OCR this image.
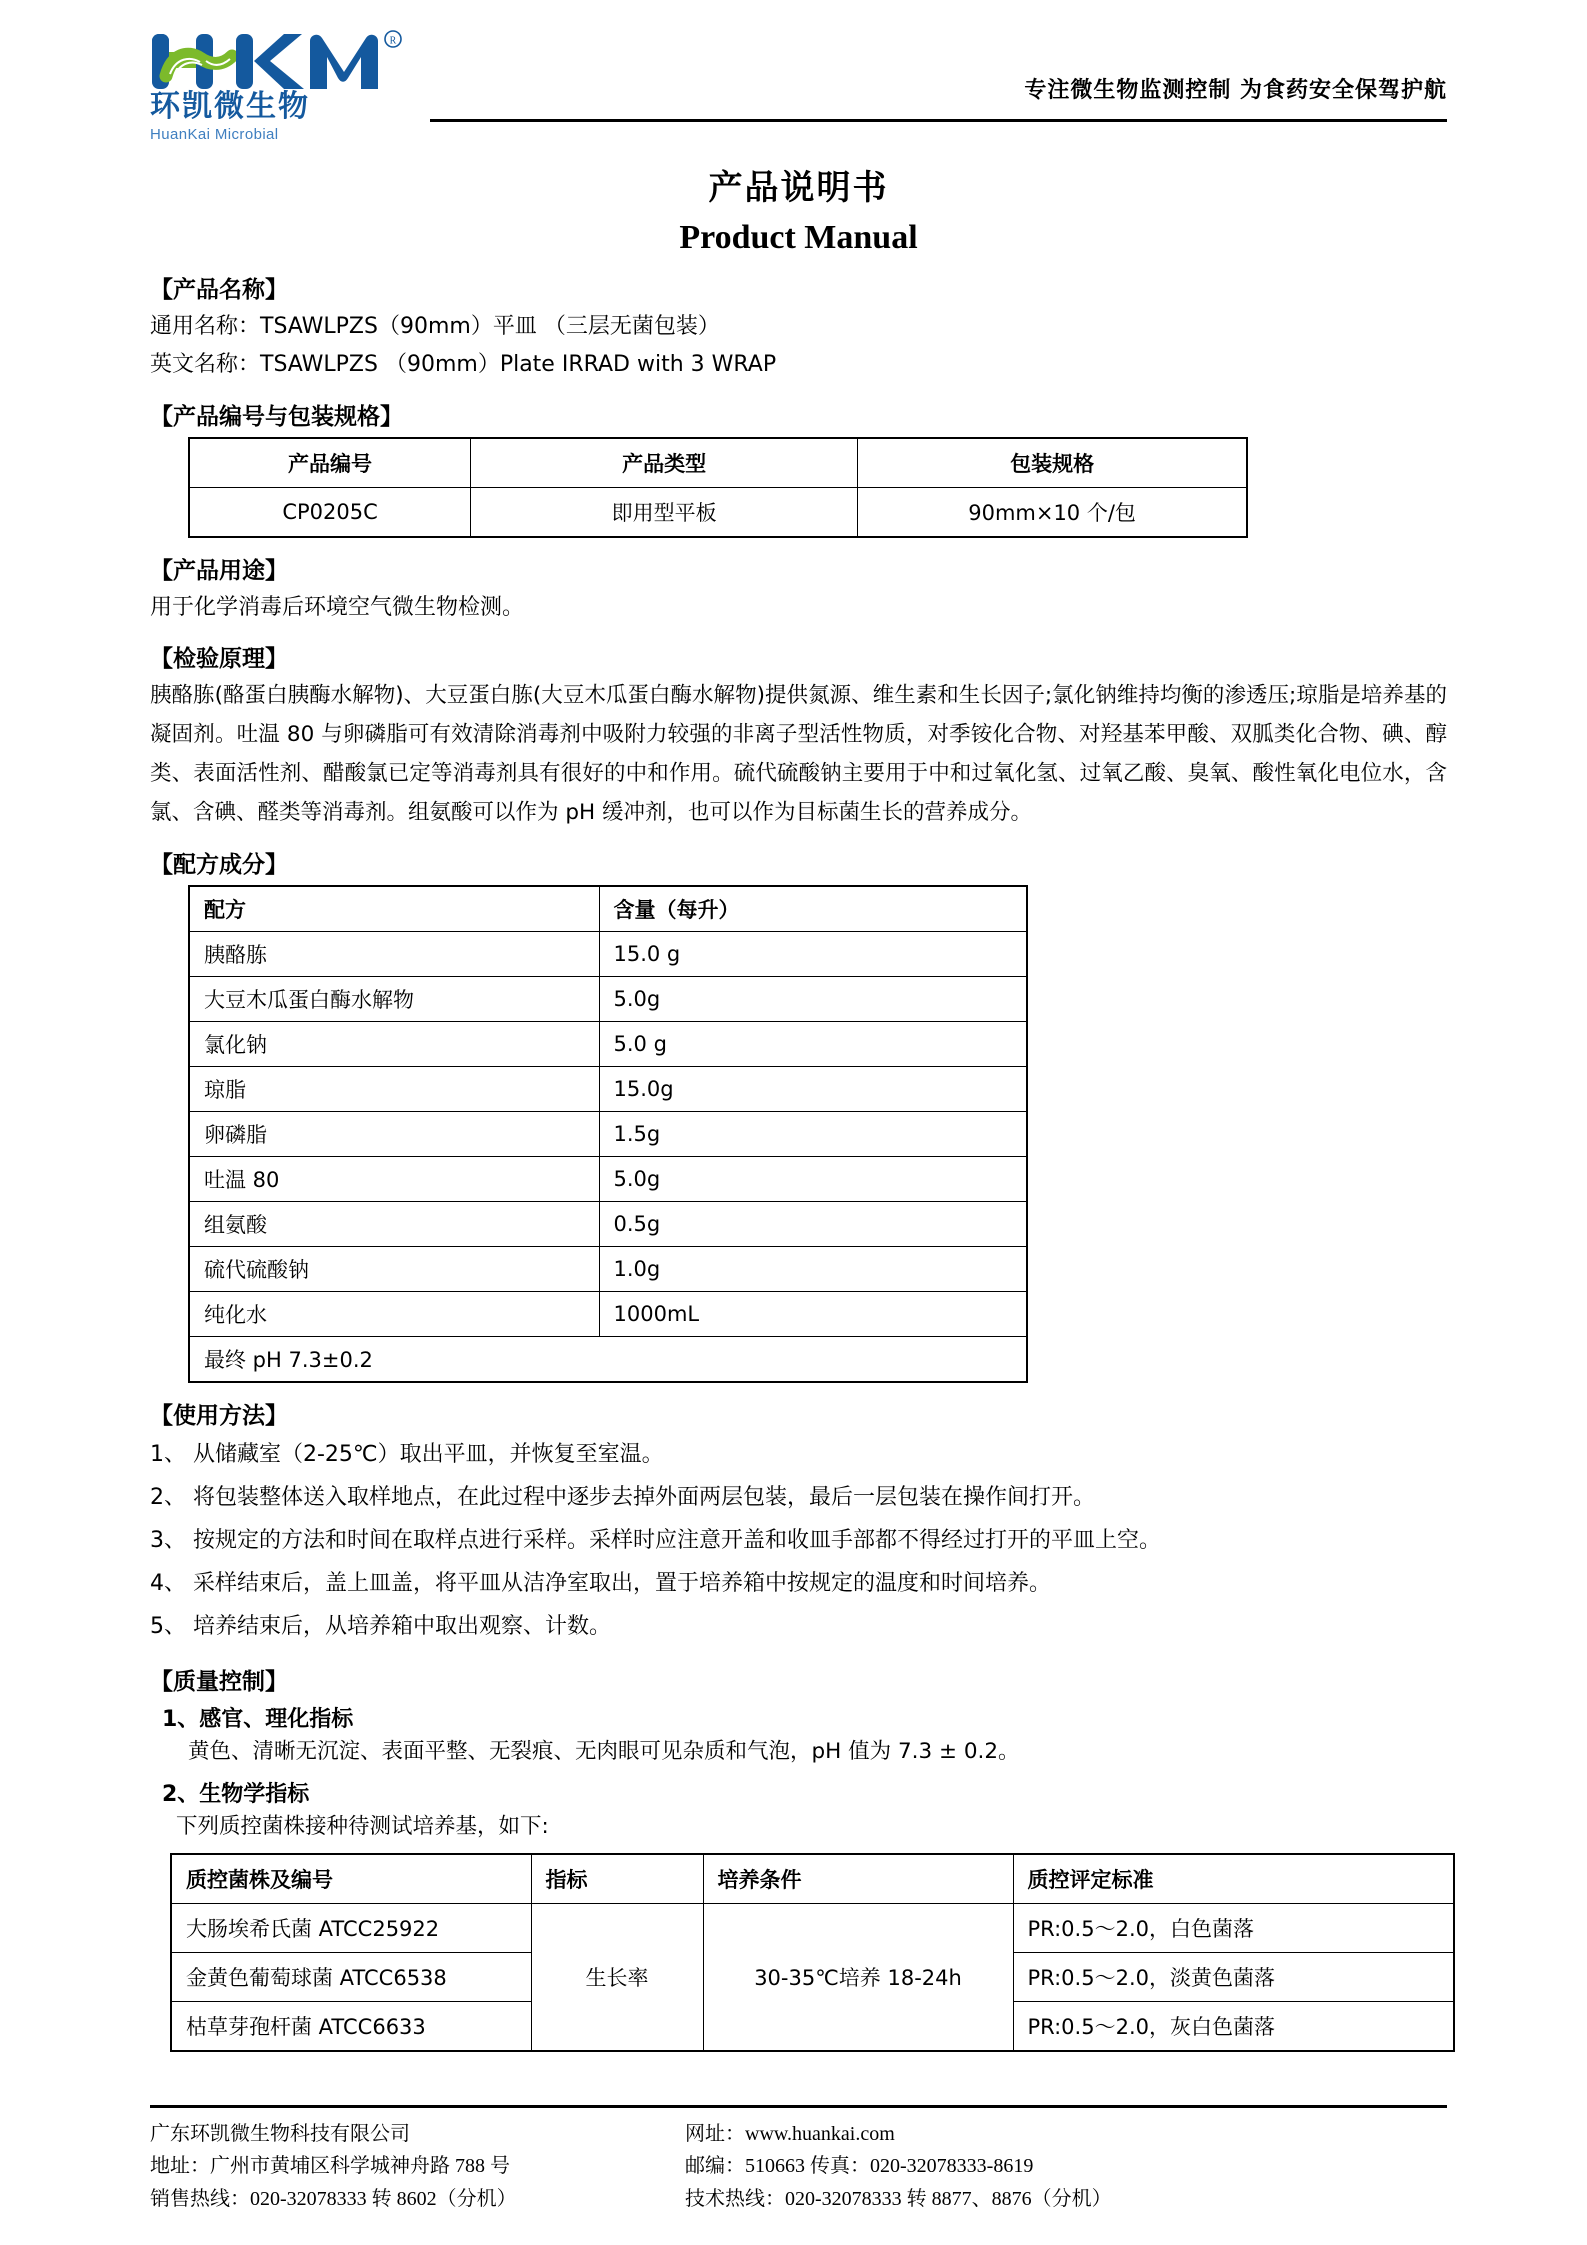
R
环凯微生物
HuanKai Microbial
专注微生物监测控制 为食药安全保驾护航
产品说明书
Product Manual
【产品名称】
通用名称：TSAWLPZS（90mm）平皿 （三层无菌包装）
英文名称：TSAWLPZS （90mm）Plate IRRAD with 3 WRAP
【产品编号与包装规格】
产品编号	产品类型	包装规格
CP0205C	即用型平板	90mm×10 个/包
【产品用途】
用于化学消毒后环境空气微生物检测。
【检验原理】
胰酪胨(酪蛋白胰酶水解物)、大豆蛋白胨(大豆木瓜蛋白酶水解物)提供氮源、维生素和生长因子;氯化钠维持均衡的渗透压;琼脂是培养基的凝固剂。吐温 80 与卵磷脂可有效清除消毒剂中吸附力较强的非离子型活性物质，对季铵化合物、对羟基苯甲酸、双胍类化合物、碘、醇类、表面活性剂、醋酸氯已定等消毒剂具有很好的中和作用。硫代硫酸钠主要用于中和过氧化氢、过氧乙酸、臭氧、酸性氧化电位水，含氯、含碘、醛类等消毒剂。组氨酸可以作为 pH 缓冲剂，也可以作为目标菌生长的营养成分。
【配方成分】
配方	含量（每升）
胰酪胨	15.0 g
大豆木瓜蛋白酶水解物	5.0g
氯化钠	5.0 g
琼脂	15.0g
卵磷脂	1.5g
吐温 80	5.0g
组氨酸	0.5g
硫代硫酸钠	1.0g
纯化水	1000mL
最终 pH 7.3±0.2	
【使用方法】
1、 从储藏室（2-25℃）取出平皿，并恢复至室温。
2、 将包装整体送入取样地点，在此过程中逐步去掉外面两层包装，最后一层包装在操作间打开。
3、 按规定的方法和时间在取样点进行采样。采样时应注意开盖和收皿手部都不得经过打开的平皿上空。
4、 采样结束后，盖上皿盖，将平皿从洁净室取出，置于培养箱中按规定的温度和时间培养。
5、 培养结束后，从培养箱中取出观察、计数。
【质量控制】
1、感官、理化指标
黄色、清晰无沉淀、表面平整、无裂痕、无肉眼可见杂质和气泡，pH 值为 7.3 ± 0.2。
2、生物学指标
下列质控菌株接种待测试培养基，如下:
质控菌株及编号	指标	培养条件	质控评定标准
大肠埃希氏菌 ATCC25922	生长率	30-35℃培养 18-24h	PR:0.5～2.0，白色菌落
金黄色葡萄球菌 ATCC6538			PR:0.5～2.0，淡黄色菌落
枯草芽孢杆菌 ATCC6633			PR:0.5～2.0，灰白色菌落
广东环凯微生物科技有限公司
地址：广州市黄埔区科学城神舟路 788 号
销售热线：020-32078333 转 8602（分机）
网址：www.huankai.com
邮编：510663 传真：020-32078333-8619
技术热线：020-32078333 转 8877、8876（分机）
